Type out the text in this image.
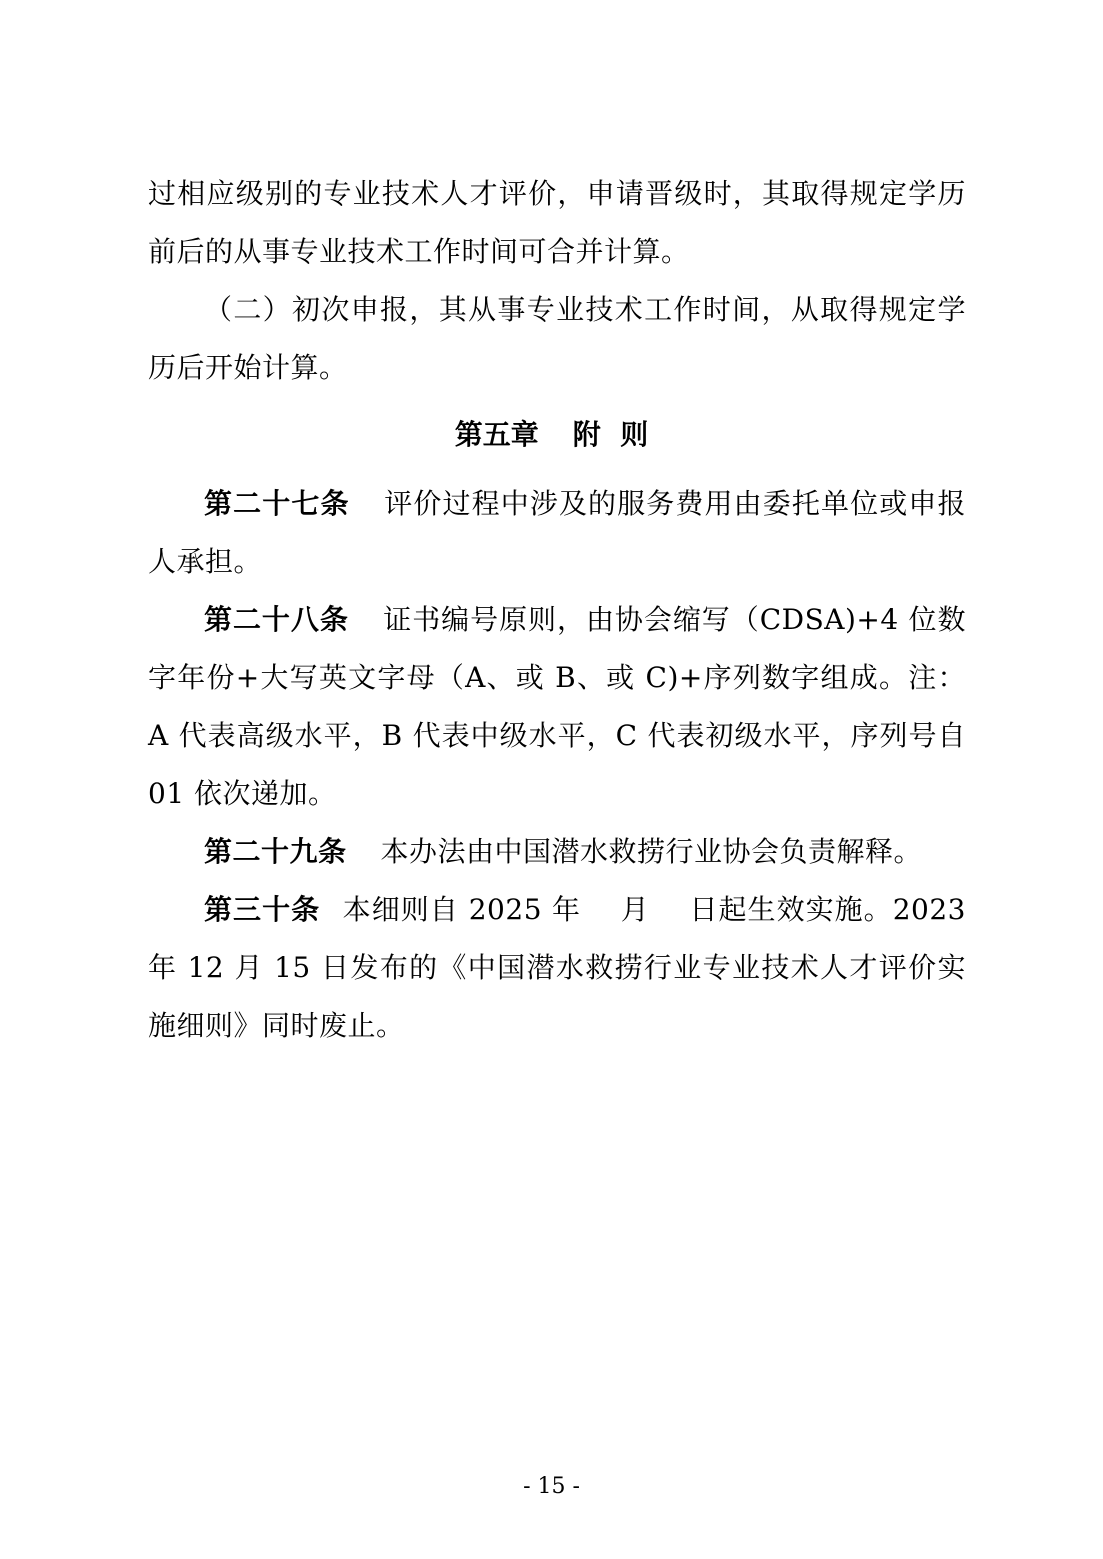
过相应级别的专业技术人才评价，申请晋级时，其取得规定学历前后的从事专业技术工作时间可合并计算。

（二）初次申报，其从事专业技术工作时间，从取得规定学历后开始计算。

第五章 附  则

第二十七条 评价过程中涉及的服务费用由委托单位或申报人承担。

第二十八条 证书编号原则，由协会缩写（CDSA)+4 位数字年份+大写英文字母（A、或 B、或 C)+序列数字组成。注：A 代表高级水平，B 代表中级水平，C 代表初级水平，序列号自 01 依次递加。

第二十九条 本办法由中国潜水救捞行业协会负责解释。

第三十条 本细则自 2025 年    月    日起生效实施。2023 年 12 月 15 日发布的《中国潜水救捞行业专业技术人才评价实施细则》同时废止。

- 15 -
